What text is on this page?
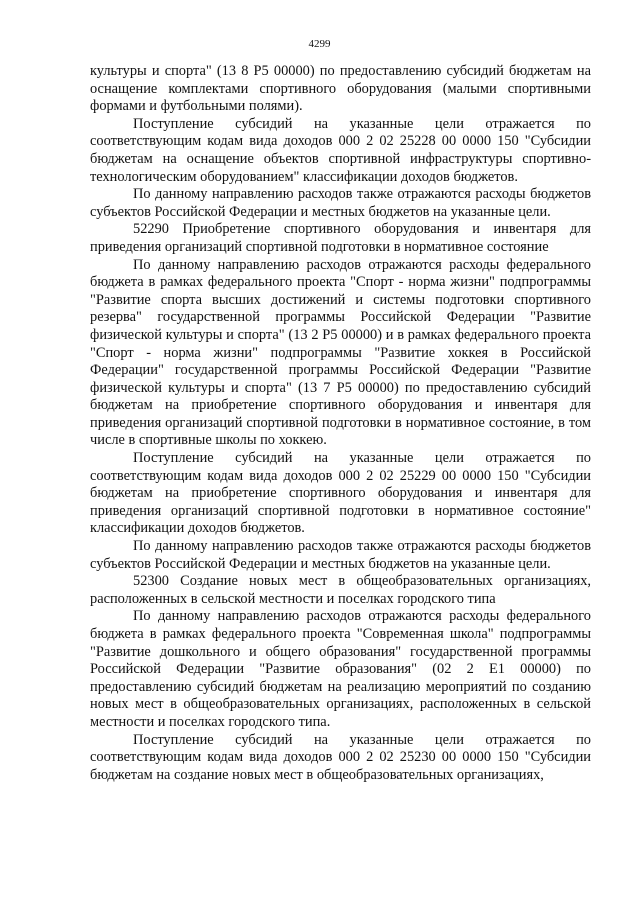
4299

культуры и спорта" (13 8 P5 00000) по предоставлению субсидий бюджетам на оснащение комплектами спортивного оборудования (малыми спортивными формами и футбольными полями).

Поступление субсидий на указанные цели отражается по соответствующим кодам вида доходов 000 2 02 25228 00 0000 150 "Субсидии бюджетам на оснащение объектов спортивной инфраструктуры спортивно-технологическим оборудованием" классификации доходов бюджетов.

По данному направлению расходов также отражаются расходы бюджетов субъектов Российской Федерации и местных бюджетов на указанные цели.

52290 Приобретение спортивного оборудования и инвентаря для приведения организаций спортивной подготовки в нормативное состояние

По данному направлению расходов отражаются расходы федерального бюджета в рамках федерального проекта "Спорт - норма жизни" подпрограммы "Развитие спорта высших достижений и системы подготовки спортивного резерва" государственной программы Российской Федерации "Развитие физической культуры и спорта" (13 2 P5 00000) и в рамках федерального проекта "Спорт - норма жизни" подпрограммы "Развитие хоккея в Российской Федерации" государственной программы Российской Федерации "Развитие физической культуры и спорта" (13 7 P5 00000) по предоставлению субсидий бюджетам на приобретение спортивного оборудования и инвентаря для приведения организаций спортивной подготовки в нормативное состояние, в том числе в спортивные школы по хоккею.

Поступление субсидий на указанные цели отражается по соответствующим кодам вида доходов 000 2 02 25229 00 0000 150 "Субсидии бюджетам на приобретение спортивного оборудования и инвентаря для приведения организаций спортивной подготовки в нормативное состояние" классификации доходов бюджетов.

По данному направлению расходов также отражаются расходы бюджетов субъектов Российской Федерации и местных бюджетов на указанные цели.

52300 Создание новых мест в общеобразовательных организациях, расположенных в сельской местности и поселках городского типа

По данному направлению расходов отражаются расходы федерального бюджета в рамках федерального проекта "Современная школа" подпрограммы "Развитие дошкольного и общего образования" государственной программы Российской Федерации "Развитие образования" (02 2 E1 00000) по предоставлению субсидий бюджетам на реализацию мероприятий по созданию новых мест в общеобразовательных организациях, расположенных в сельской местности и поселках городского типа.

Поступление субсидий на указанные цели отражается по соответствующим кодам вида доходов 000 2 02 25230 00 0000 150 "Субсидии бюджетам на создание новых мест в общеобразовательных организациях,
